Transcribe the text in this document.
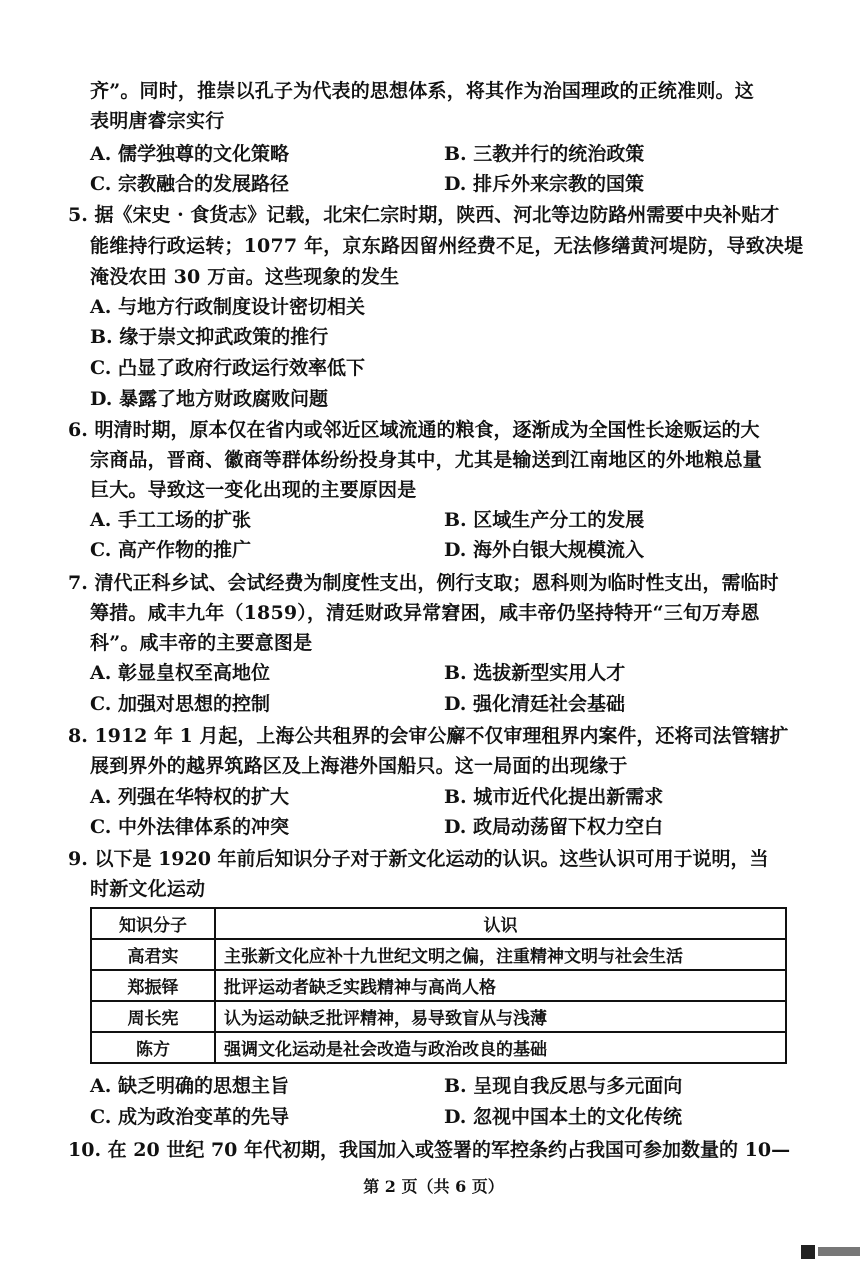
齐”。同时，推崇以孔子为代表的思想体系，将其作为治国理政的正统准则。这
表明唐睿宗实行
A. 儒学独尊的文化策略	B. 三教并行的统治政策
C. 宗教融合的发展路径	D. 排斥外来宗教的国策
5. 据《宋史 · 食货志》记载，北宋仁宗时期，陕西、河北等边防路州需要中央补贴才
能维持行政运转；1077 年，京东路因留州经费不足，无法修缮黄河堤防，导致决堤
淹没农田 30 万亩。这些现象的发生
A. 与地方行政制度设计密切相关
B. 缘于崇文抑武政策的推行
C. 凸显了政府行政运行效率低下
D. 暴露了地方财政腐败问题
6. 明清时期，原本仅在省内或邻近区域流通的粮食，逐渐成为全国性长途贩运的大
宗商品，晋商、徽商等群体纷纷投身其中，尤其是输送到江南地区的外地粮总量
巨大。导致这一变化出现的主要原因是
A. 手工工场的扩张	B. 区域生产分工的发展
C. 高产作物的推广	D. 海外白银大规模流入
7. 清代正科乡试、会试经费为制度性支出，例行支取；恩科则为临时性支出，需临时
筹措。咸丰九年（1859），清廷财政异常窘困，咸丰帝仍坚持特开“三旬万寿恩
科”。咸丰帝的主要意图是
A. 彰显皇权至高地位	B. 选拔新型实用人才
C. 加强对思想的控制	D. 强化清廷社会基础
8. 1912 年 1 月起，上海公共租界的会审公廨不仅审理租界内案件，还将司法管辖扩
展到界外的越界筑路区及上海港外国船只。这一局面的出现缘于
A. 列强在华特权的扩大	B. 城市近代化提出新需求
C. 中外法律体系的冲突	D. 政局动荡留下权力空白
9. 以下是 1920 年前后知识分子对于新文化运动的认识。这些认识可用于说明，当
时新文化运动
知识分子	认识
高君实	主张新文化应补十九世纪文明之偏，注重精神文明与社会生活
郑振铎	批评运动者缺乏实践精神与高尚人格
周长宪	认为运动缺乏批评精神，易导致盲从与浅薄
陈方	强调文化运动是社会改造与政治改良的基础
A. 缺乏明确的思想主旨	B. 呈现自我反思与多元面向
C. 成为政治变革的先导	D. 忽视中国本土的文化传统
10. 在 20 世纪 70 年代初期，我国加入或签署的军控条约占我国可参加数量的 10—
第 2 页（共 6 页）
